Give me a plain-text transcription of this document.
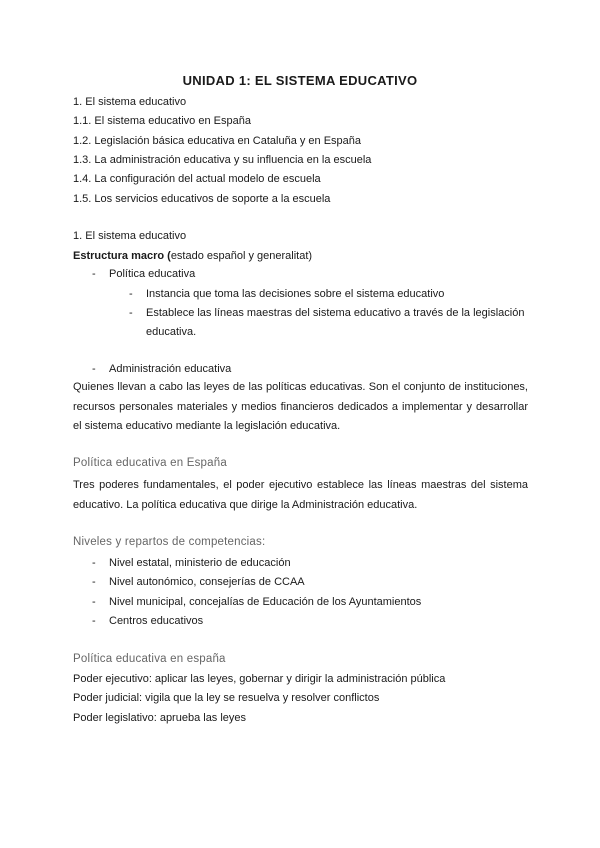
UNIDAD 1: EL SISTEMA EDUCATIVO
1. El sistema educativo
1.1. El sistema educativo en España
1.2. Legislación básica educativa en Cataluña y en España
1.3. La administración educativa y su influencia en la escuela
1.4. La configuración del actual modelo de escuela
1.5. Los servicios educativos de soporte a la escuela
1. El sistema educativo
Estructura macro (estado español y generalitat)
- Política educativa
- Instancia que toma las decisiones sobre el sistema educativo
- Establece las líneas maestras del sistema educativo a través de la legislación
educativa.
- Administración educativa
Quienes llevan a cabo las leyes de las políticas educativas. Son el conjunto de instituciones, recursos personales materiales y medios financieros dedicados a implementar y desarrollar el sistema educativo mediante la legislación educativa.
Política educativa en España
Tres poderes fundamentales, el poder ejecutivo establece las líneas maestras del sistema educativo. La política educativa que dirige la Administración educativa.
Niveles y repartos de competencias:
- Nivel estatal, ministerio de educación
- Nivel autonómico, consejerías de CCAA
- Nivel municipal, concejalías de Educación de los Ayuntamientos
- Centros educativos
Política educativa en españa
Poder ejecutivo: aplicar las leyes, gobernar y dirigir la administración pública
Poder judicial: vigila que la ley se resuelva y resolver conflictos
Poder legislativo: aprueba las leyes
